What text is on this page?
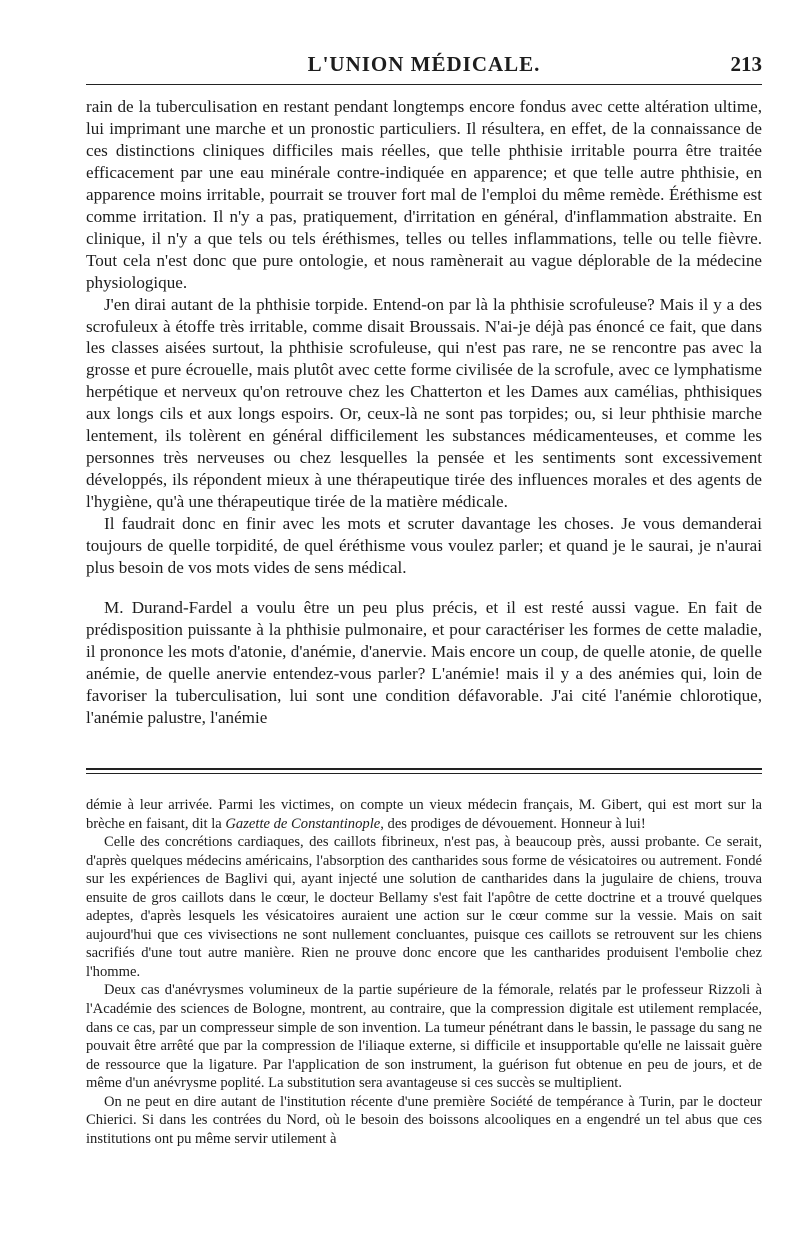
L'UNION MÉDICALE.	213

rain de la tuberculisation en restant pendant longtemps encore fondus avec cette altération ultime, lui imprimant une marche et un pronostic particuliers. Il résultera, en effet, de la connaissance de ces distinctions cliniques difficiles mais réelles, que telle phthisie irritable pourra être traitée efficacement par une eau minérale contre-indiquée en apparence; et que telle autre phthisie, en apparence moins irritable, pourrait se trouver fort mal de l'emploi du même remède. Éréthisme est comme irritation. Il n'y a pas, pratiquement, d'irritation en général, d'inflammation abstraite. En clinique, il n'y a que tels ou tels éréthismes, telles ou telles inflammations, telle ou telle fièvre. Tout cela n'est donc que pure ontologie, et nous ramènerait au vague déplorable de la médecine physiologique.

J'en dirai autant de la phthisie torpide. Entend-on par là la phthisie scrofuleuse? Mais il y a des scrofuleux à étoffe très irritable, comme disait Broussais. N'ai-je déjà pas énoncé ce fait, que dans les classes aisées surtout, la phthisie scrofuleuse, qui n'est pas rare, ne se rencontre pas avec la grosse et pure écrouelle, mais plutôt avec cette forme civilisée de la scrofule, avec ce lymphatisme herpétique et nerveux qu'on retrouve chez les Chatterton et les Dames aux camélias, phthisiques aux longs cils et aux longs espoirs. Or, ceux-là ne sont pas torpides; ou, si leur phthisie marche lentement, ils tolèrent en général difficilement les substances médicamenteuses, et comme les personnes très nerveuses ou chez lesquelles la pensée et les sentiments sont excessivement développés, ils répondent mieux à une thérapeutique tirée des influences morales et des agents de l'hygiène, qu'à une thérapeutique tirée de la matière médicale.

Il faudrait donc en finir avec les mots et scruter davantage les choses. Je vous demanderai toujours de quelle torpidité, de quel éréthisme vous voulez parler; et quand je le saurai, je n'aurai plus besoin de vos mots vides de sens médical.

M. Durand-Fardel a voulu être un peu plus précis, et il est resté aussi vague. En fait de prédisposition puissante à la phthisie pulmonaire, et pour caractériser les formes de cette maladie, il prononce les mots d'atonie, d'anémie, d'anervie. Mais encore un coup, de quelle atonie, de quelle anémie, de quelle anervie entendez-vous parler? L'anémie! mais il y a des anémies qui, loin de favoriser la tuberculisation, lui sont une condition défavorable. J'ai cité l'anémie chlorotique, l'anémie palustre, l'anémie

démie à leur arrivée. Parmi les victimes, on compte un vieux médecin français, M. Gibert, qui est mort sur la brèche en faisant, dit la Gazette de Constantinople, des prodiges de dévouement. Honneur à lui!

Celle des concrétions cardiaques, des caillots fibrineux, n'est pas, à beaucoup près, aussi probante. Ce serait, d'après quelques médecins américains, l'absorption des cantharides sous forme de vésicatoires ou autrement. Fondé sur les expériences de Baglivi qui, ayant injecté une solution de cantharides dans la jugulaire de chiens, trouva ensuite de gros caillots dans le cœur, le docteur Bellamy s'est fait l'apôtre de cette doctrine et a trouvé quelques adeptes, d'après lesquels les vésicatoires auraient une action sur le cœur comme sur la vessie. Mais on sait aujourd'hui que ces vivisections ne sont nullement concluantes, puisque ces caillots se retrouvent sur les chiens sacrifiés d'une tout autre manière. Rien ne prouve donc encore que les cantharides produisent l'embolie chez l'homme.

Deux cas d'anévrysmes volumineux de la partie supérieure de la fémorale, relatés par le professeur Rizzoli à l'Académie des sciences de Bologne, montrent, au contraire, que la compression digitale est utilement remplacée, dans ce cas, par un compresseur simple de son invention. La tumeur pénétrant dans le bassin, le passage du sang ne pouvait être arrêté que par la compression de l'iliaque externe, si difficile et insupportable qu'elle ne laissait guère de ressource que la ligature. Par l'application de son instrument, la guérison fut obtenue en peu de jours, et de même d'un anévrysme poplité. La substitution sera avantageuse si ces succès se multiplient.

On ne peut en dire autant de l'institution récente d'une première Société de tempérance à Turin, par le docteur Chierici. Si dans les contrées du Nord, où le besoin des boissons alcooliques en a engendré un tel abus que ces institutions ont pu même servir utilement à
